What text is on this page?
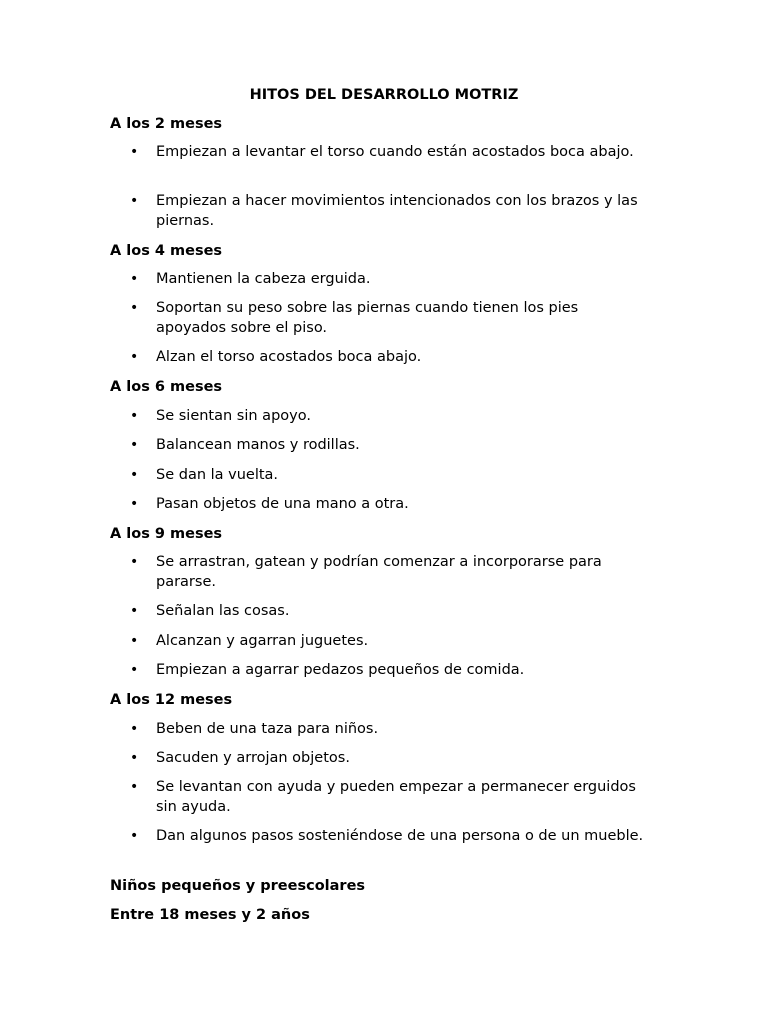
HITOS DEL DESARROLLO MOTRIZ
A los 2 meses
• Empiezan a levantar el torso cuando están acostados boca abajo.
• Empiezan a hacer movimientos intencionados con los brazos y las piernas.
A los 4 meses
• Mantienen la cabeza erguida.
• Soportan su peso sobre las piernas cuando tienen los pies apoyados sobre el piso.
• Alzan el torso acostados boca abajo.
A los 6 meses
• Se sientan sin apoyo.
• Balancean manos y rodillas.
• Se dan la vuelta.
• Pasan objetos de una mano a otra.
A los 9 meses
• Se arrastran, gatean y podrían comenzar a incorporarse para pararse.
• Señalan las cosas.
• Alcanzan y agarran juguetes.
• Empiezan a agarrar pedazos pequeños de comida.
A los 12 meses
• Beben de una taza para niños.
• Sacuden y arrojan objetos.
• Se levantan con ayuda y pueden empezar a permanecer erguidos sin ayuda.
• Dan algunos pasos sosteniéndose de una persona o de un mueble.
Niños pequeños y preescolares
Entre 18 meses y 2 años
